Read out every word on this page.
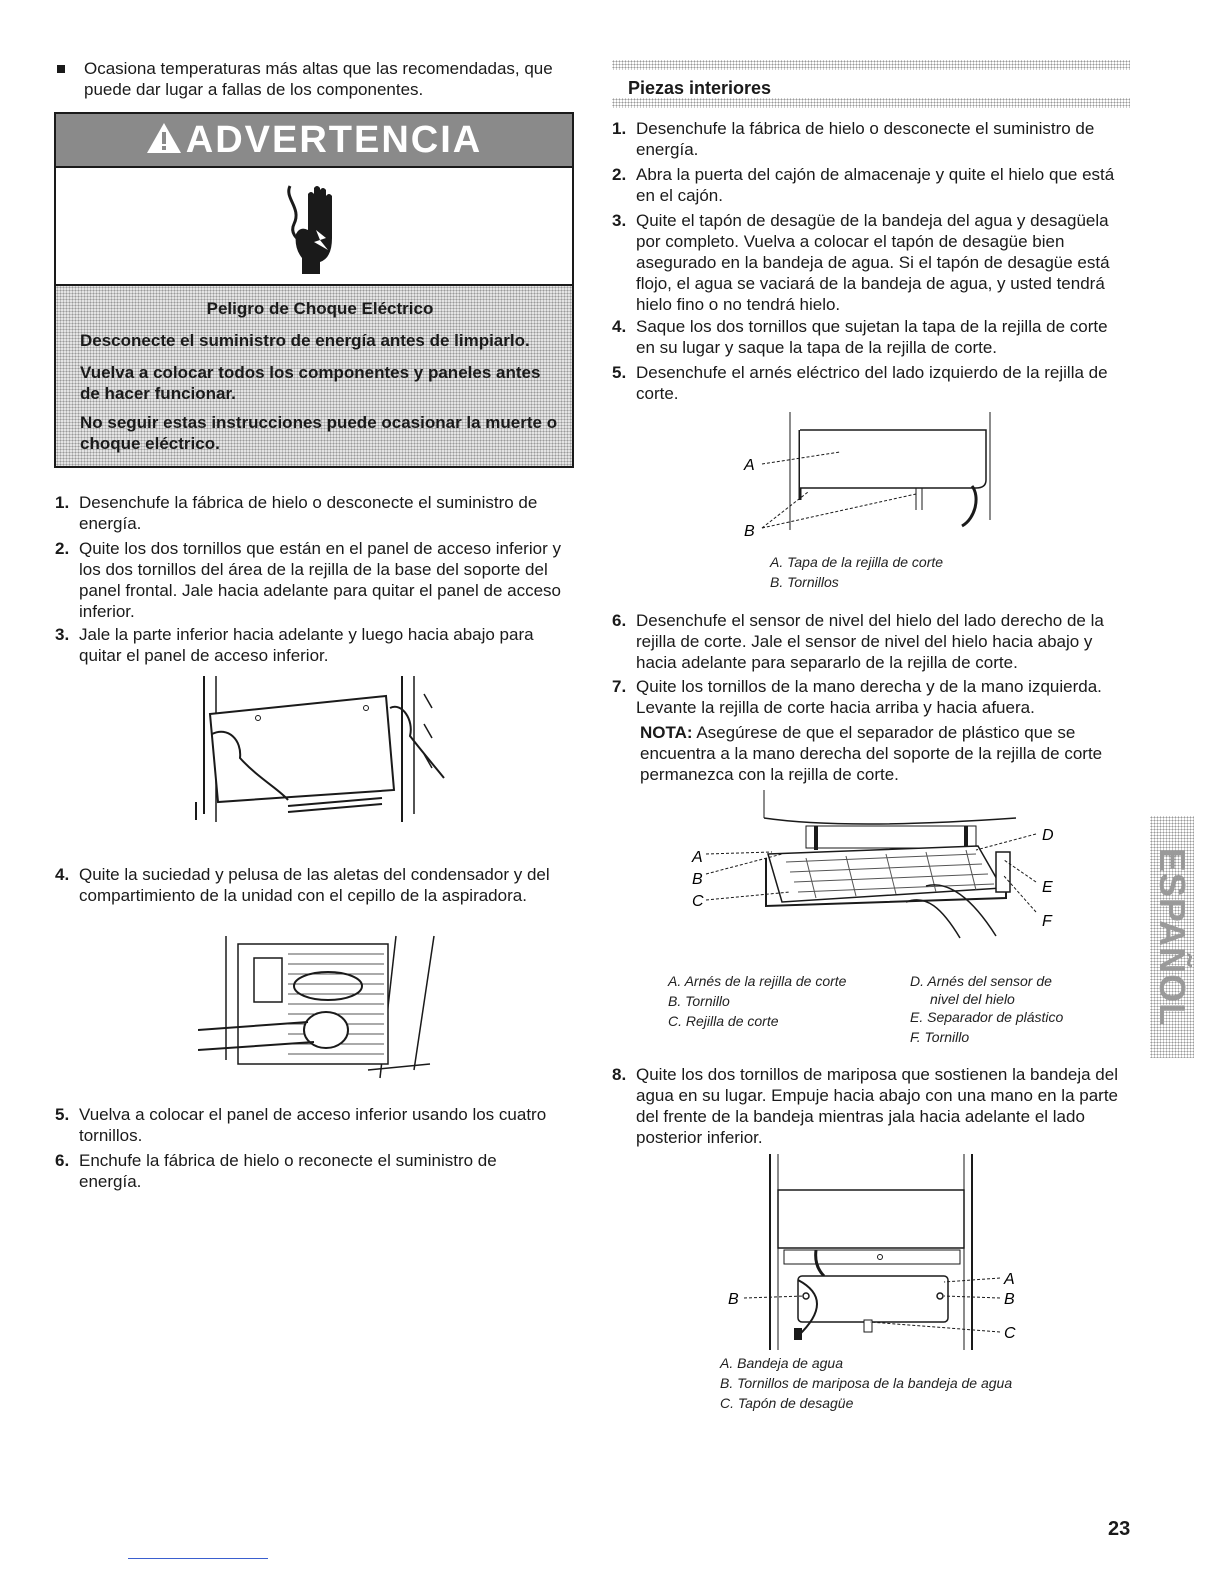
Ocasiona temperaturas más altas que las recomendadas, que puede dar lugar a fallas de los componentes.
ADVERTENCIA
Peligro de Choque Eléctrico
Desconecte el suministro de energía antes de limpiarlo.
Vuelva a colocar todos los componentes y paneles antes de hacer funcionar.
No seguir estas instrucciones puede ocasionar la muerte o choque eléctrico.
1. Desenchufe la fábrica de hielo o desconecte el suministro de energía.
2. Quite los dos tornillos que están en el panel de acceso inferior y los dos tornillos del área de la rejilla de la base del soporte del panel frontal. Jale hacia adelante para quitar el panel de acceso inferior.
3. Jale la parte inferior hacia adelante y luego hacia abajo para quitar el panel de acceso inferior.
4. Quite la suciedad y pelusa de las aletas del condensador y del compartimiento de la unidad con el cepillo de la aspiradora.
5. Vuelva a colocar el panel de acceso inferior usando los cuatro tornillos.
6. Enchufe la fábrica de hielo o reconecte el suministro de energía.
Piezas interiores
1. Desenchufe la fábrica de hielo o desconecte el suministro de energía.
2. Abra la puerta del cajón de almacenaje y quite el hielo que está en el cajón.
3. Quite el tapón de desagüe de la bandeja del agua y desagüela por completo. Vuelva a colocar el tapón de desagüe bien asegurado en la bandeja de agua. Si el tapón de desagüe está flojo, el agua se vaciará de la bandeja de agua, y usted tendrá hielo fino o no tendrá hielo.
4. Saque los dos tornillos que sujetan la tapa de la rejilla de corte en su lugar y saque la tapa de la rejilla de corte.
5. Desenchufe el arnés eléctrico del lado izquierdo de la rejilla de corte.
A
B
A. Tapa de la rejilla de corte
B. Tornillos
6. Desenchufe el sensor de nivel del hielo del lado derecho de la rejilla de corte. Jale el sensor de nivel del hielo hacia abajo y hacia adelante para separarlo de la rejilla de corte.
7. Quite los tornillos de la mano derecha y de la mano izquierda. Levante la rejilla de corte hacia arriba y hacia afuera.
NOTA: Asegúrese de que el separador de plástico que se encuentra a la mano derecha del soporte de la rejilla de corte permanezca con la rejilla de corte.
A
B
C
D
E
F
A. Arnés de la rejilla de corte
B. Tornillo
C. Rejilla de corte
D. Arnés del sensor de
nivel del hielo
E. Separador de plástico
F. Tornillo
8. Quite los dos tornillos de mariposa que sostienen la bandeja del agua en su lugar. Empuje hacia abajo con una mano en la parte del frente de la bandeja mientras jala hacia adelante el lado posterior inferior.
B
A
B
C
A. Bandeja de agua
B. Tornillos de mariposa de la bandeja de agua
C. Tapón de desagüe
ESPAÑOL
23
